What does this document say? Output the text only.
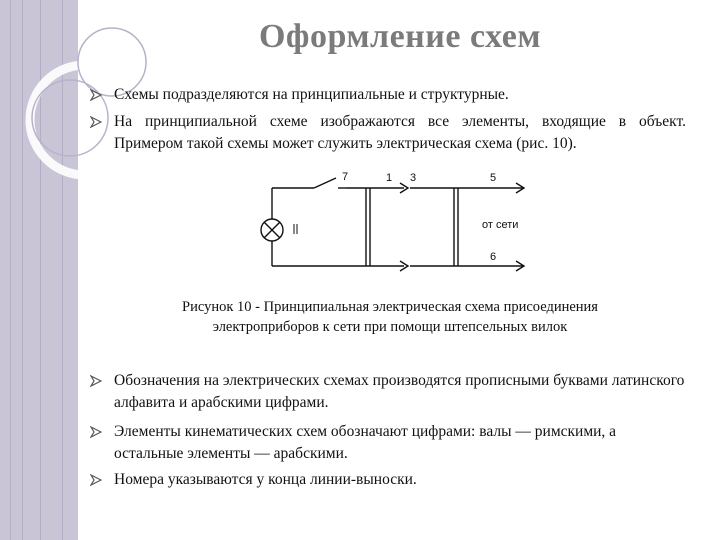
Оформление схем
Схемы подразделяются на принципиальные и структурные.
На принципиальной схеме изображаются все элементы, входящие в объект. Примером такой схемы может служить электрическая схема (рис. 10).
7	1 3	5
от сети
6
Рисунок 10 - Принципиальная электрическая схема присоединения
электроприборов к сети при помощи штепсельных вилок
Обозначения на электрических схемах производятся прописными буквами латинского алфавита и арабскими цифрами.
Элементы кинематических схем обозначают цифрами: валы — римскими, а остальные элементы — арабскими.
Номера указываются у конца линии-выноски.
